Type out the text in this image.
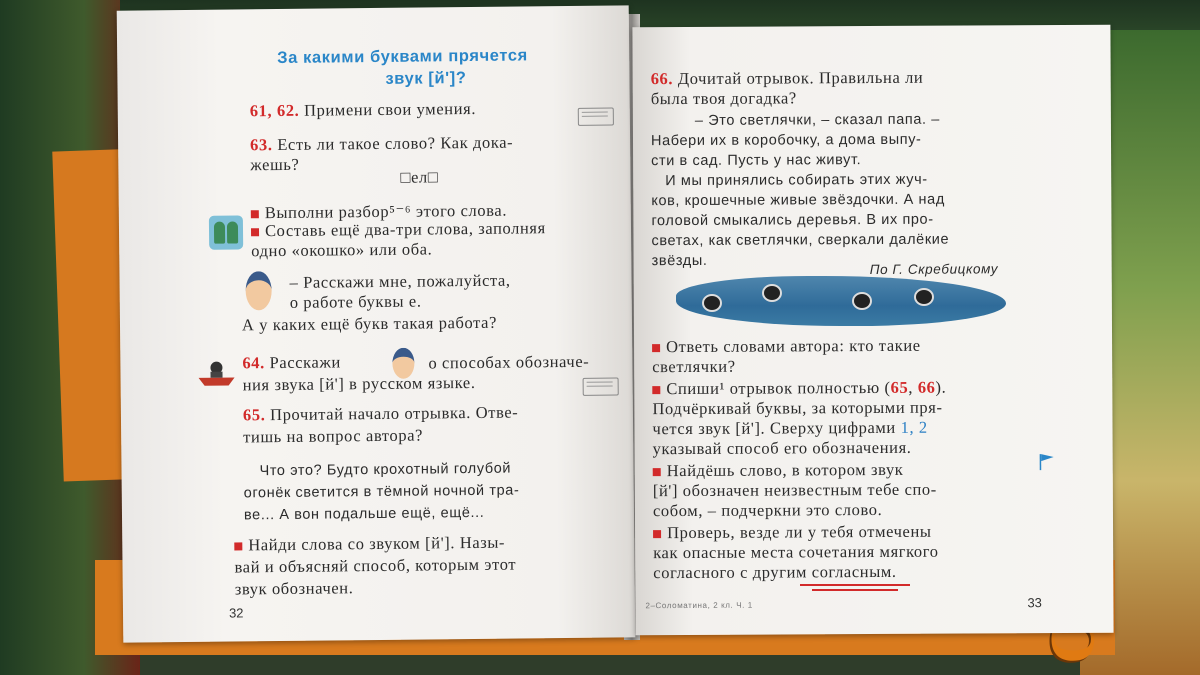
За какими буквами прячется
звук [й']?
61, 62. Примени свои умения.
63. Есть ли такое слово? Как дока-
жешь?
□ел□
Выполни разбор⁵⁻⁶ этого слова.
Составь ещё два-три слова, заполняя
одно «окошко» или оба.
– Расскажи мне, пожалуйста,
о работе буквы е.
А у каких ещё букв такая работа?
64. Расскажи	о способах обозначе-
ния звука [й'] в русском языке.
65. Прочитай начало отрывка. Отве-
тишь на вопрос автора?
Что это? Будто крохотный голубой
огонёк светится в тёмной ночной тра-
ве... А вон подальше ещё, ещё...
Найди слова со звуком [й']. Назы-
вай и объясняй способ, которым этот
звук обозначен.
32
66. Дочитай отрывок. Правильна ли
была твоя догадка?
– Это светлячки, – сказал папа. –
Набери их в коробочку, а дома выпу-
сти в сад. Пусть у нас живут.
И мы принялись собирать этих жуч-
ков, крошечные живые звёздочки. А над
головой смыкались деревья. В их про-
светах, как светлячки, сверкали далёкие
звёзды.
По Г. Скребицкому
Ответь словами автора: кто такие
светлячки?
Спиши¹ отрывок полностью (65, 66).
Подчёркивай буквы, за которыми пря-
чется звук [й']. Сверху цифрами 1, 2
указывай способ его обозначения.
Найдёшь слово, в котором звук
[й'] обозначен неизвестным тебе спо-
собом, – подчеркни это слово.
Проверь, везде ли у тебя отмечены
как опасные места сочетания мягкого
согласного с другим согласным.
2–Соломатина, 2 кл. Ч. 1	33
